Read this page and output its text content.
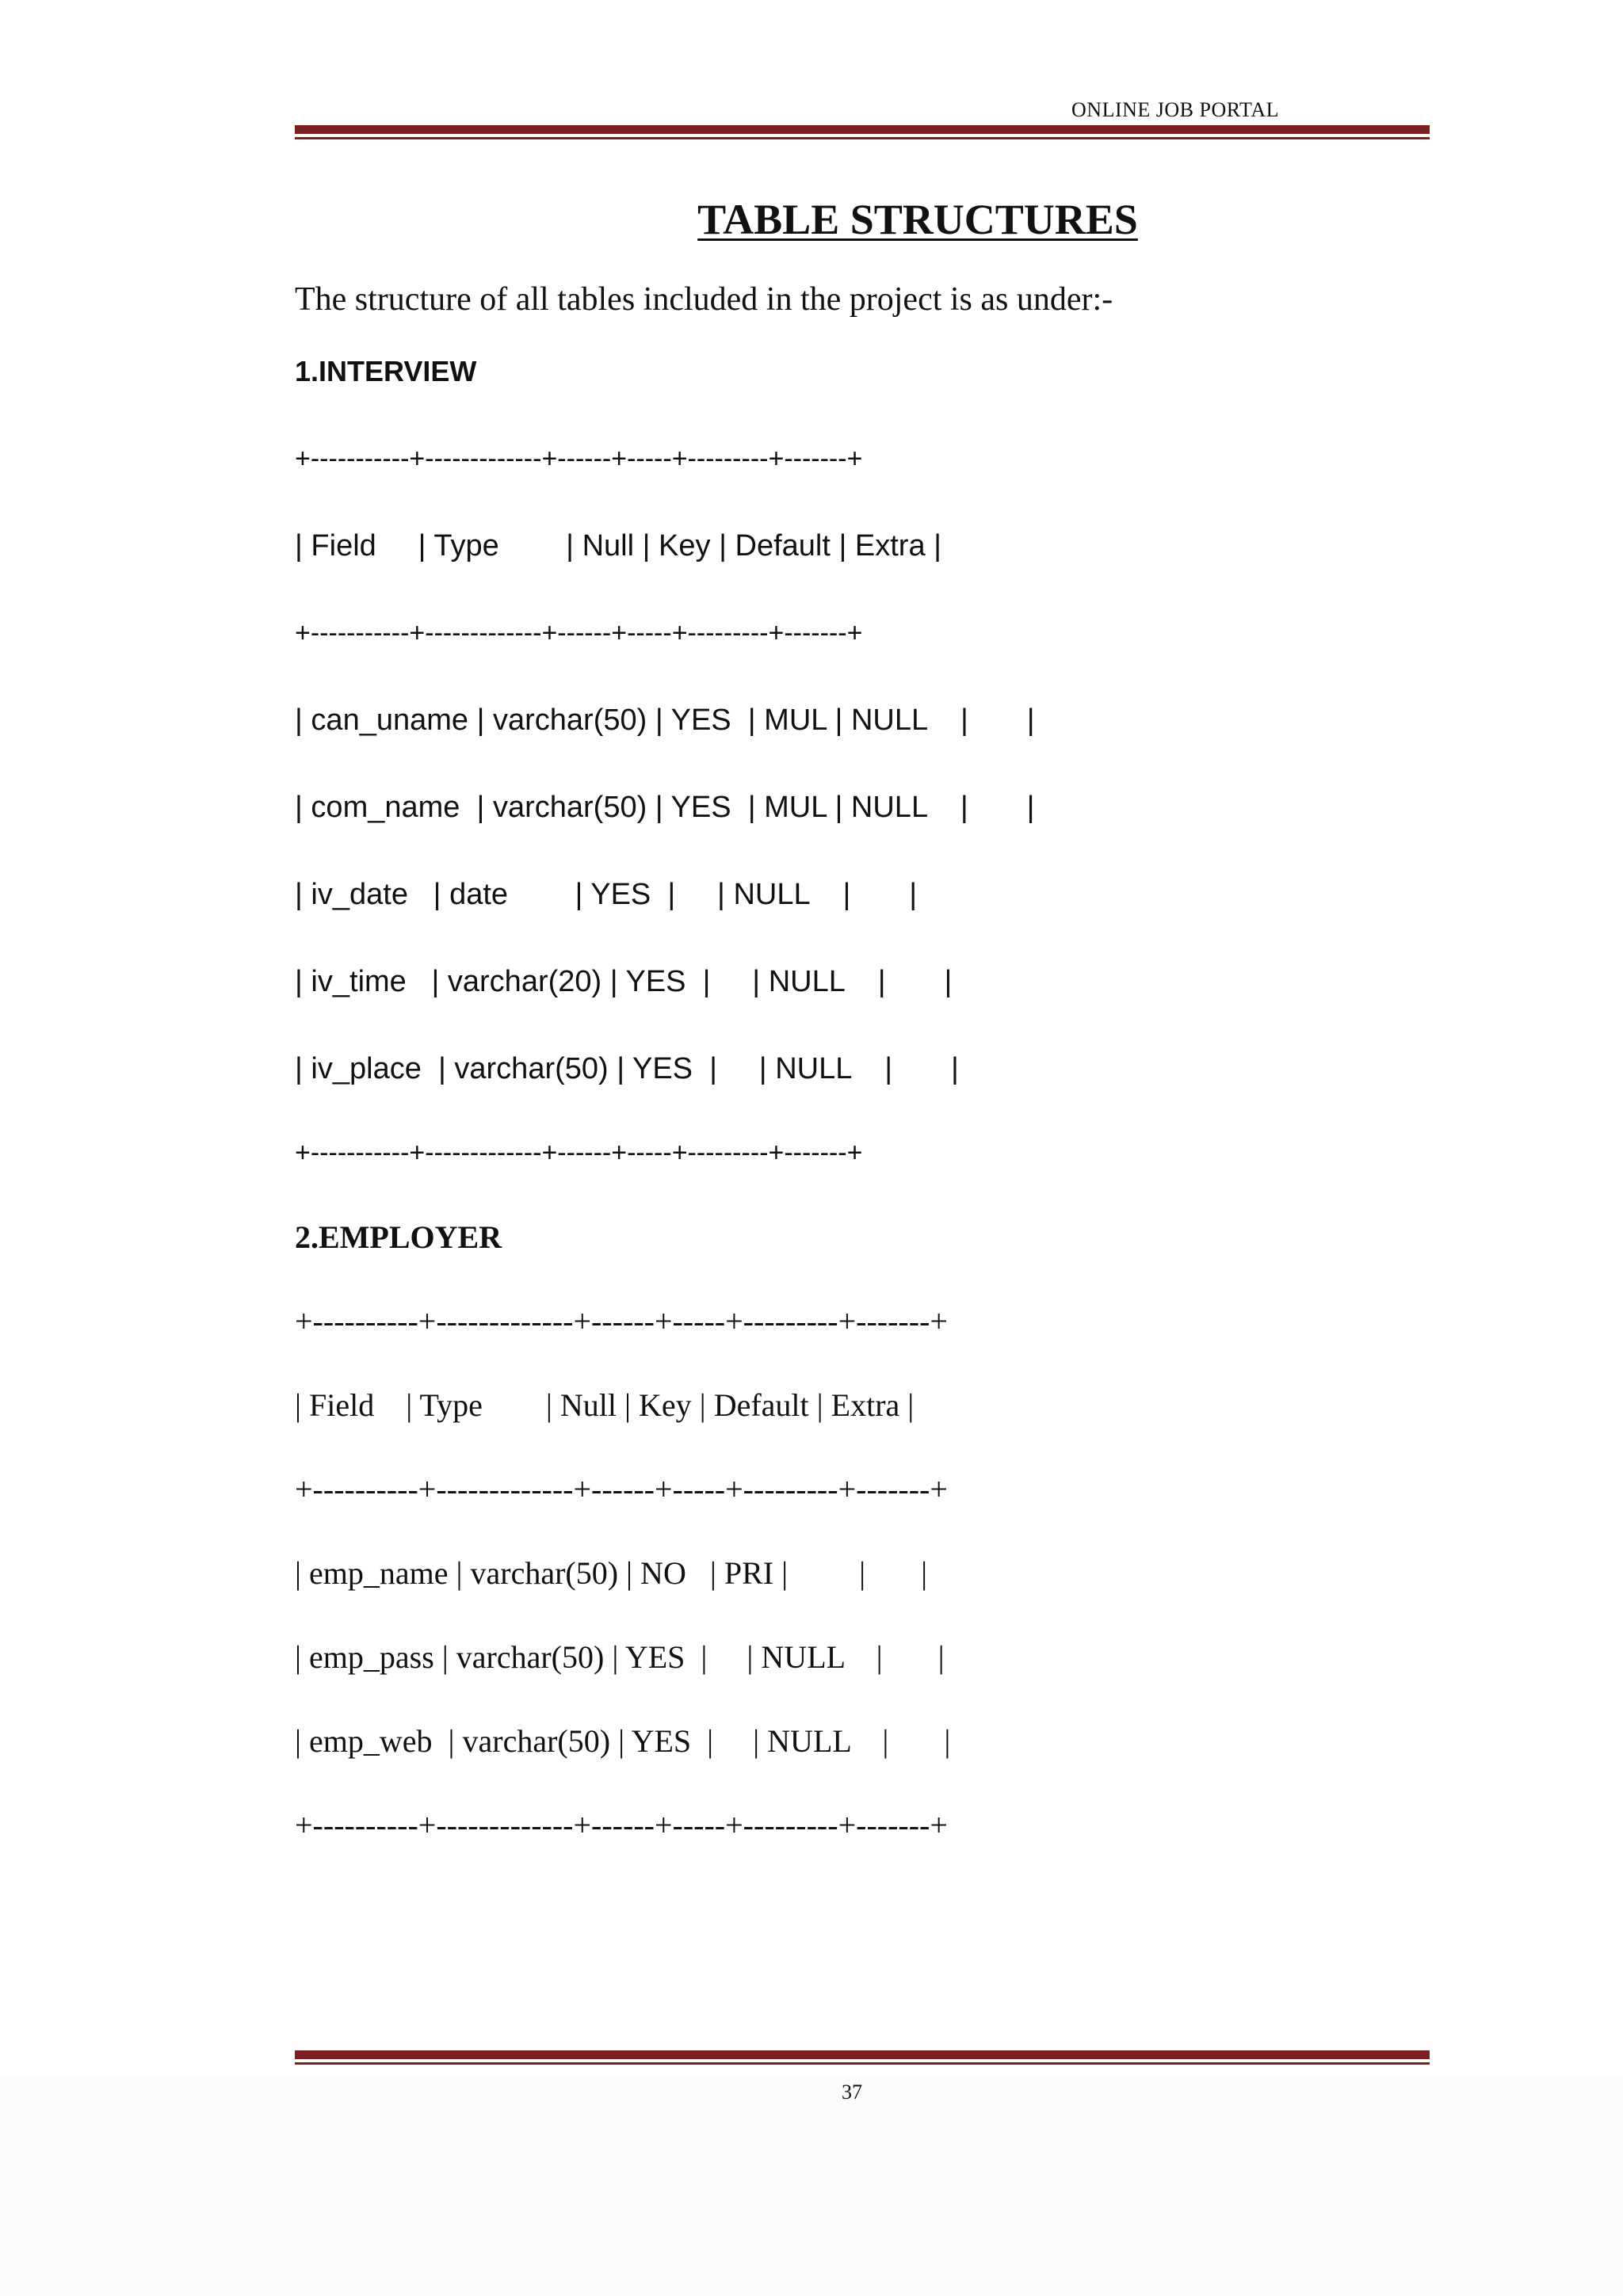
ONLINE JOB PORTAL
TABLE STRUCTURES

The structure of all tables included in the project is as under:-

1.INTERVIEW
+-----------+-------------+------+-----+---------+-------+
| Field     | Type        | Null | Key | Default | Extra |
+-----------+-------------+------+-----+---------+-------+
| can_uname | varchar(50) | YES  | MUL | NULL    |       |
| com_name  | varchar(50) | YES  | MUL | NULL    |       |
| iv_date   | date        | YES  |     | NULL    |       |
| iv_time   | varchar(20) | YES  |     | NULL    |       |
| iv_place  | varchar(50) | YES  |     | NULL    |       |
+-----------+-------------+------+-----+---------+-------+
2.EMPLOYER
+----------+-------------+------+-----+---------+-------+
| Field    | Type        | Null | Key | Default | Extra |
+----------+-------------+------+-----+---------+-------+
| emp_name | varchar(50) | NO   | PRI |         |       |
| emp_pass | varchar(50) | YES  |     | NULL    |       |
| emp_web  | varchar(50) | YES  |     | NULL    |       |
+----------+-------------+------+-----+---------+-------+
37
